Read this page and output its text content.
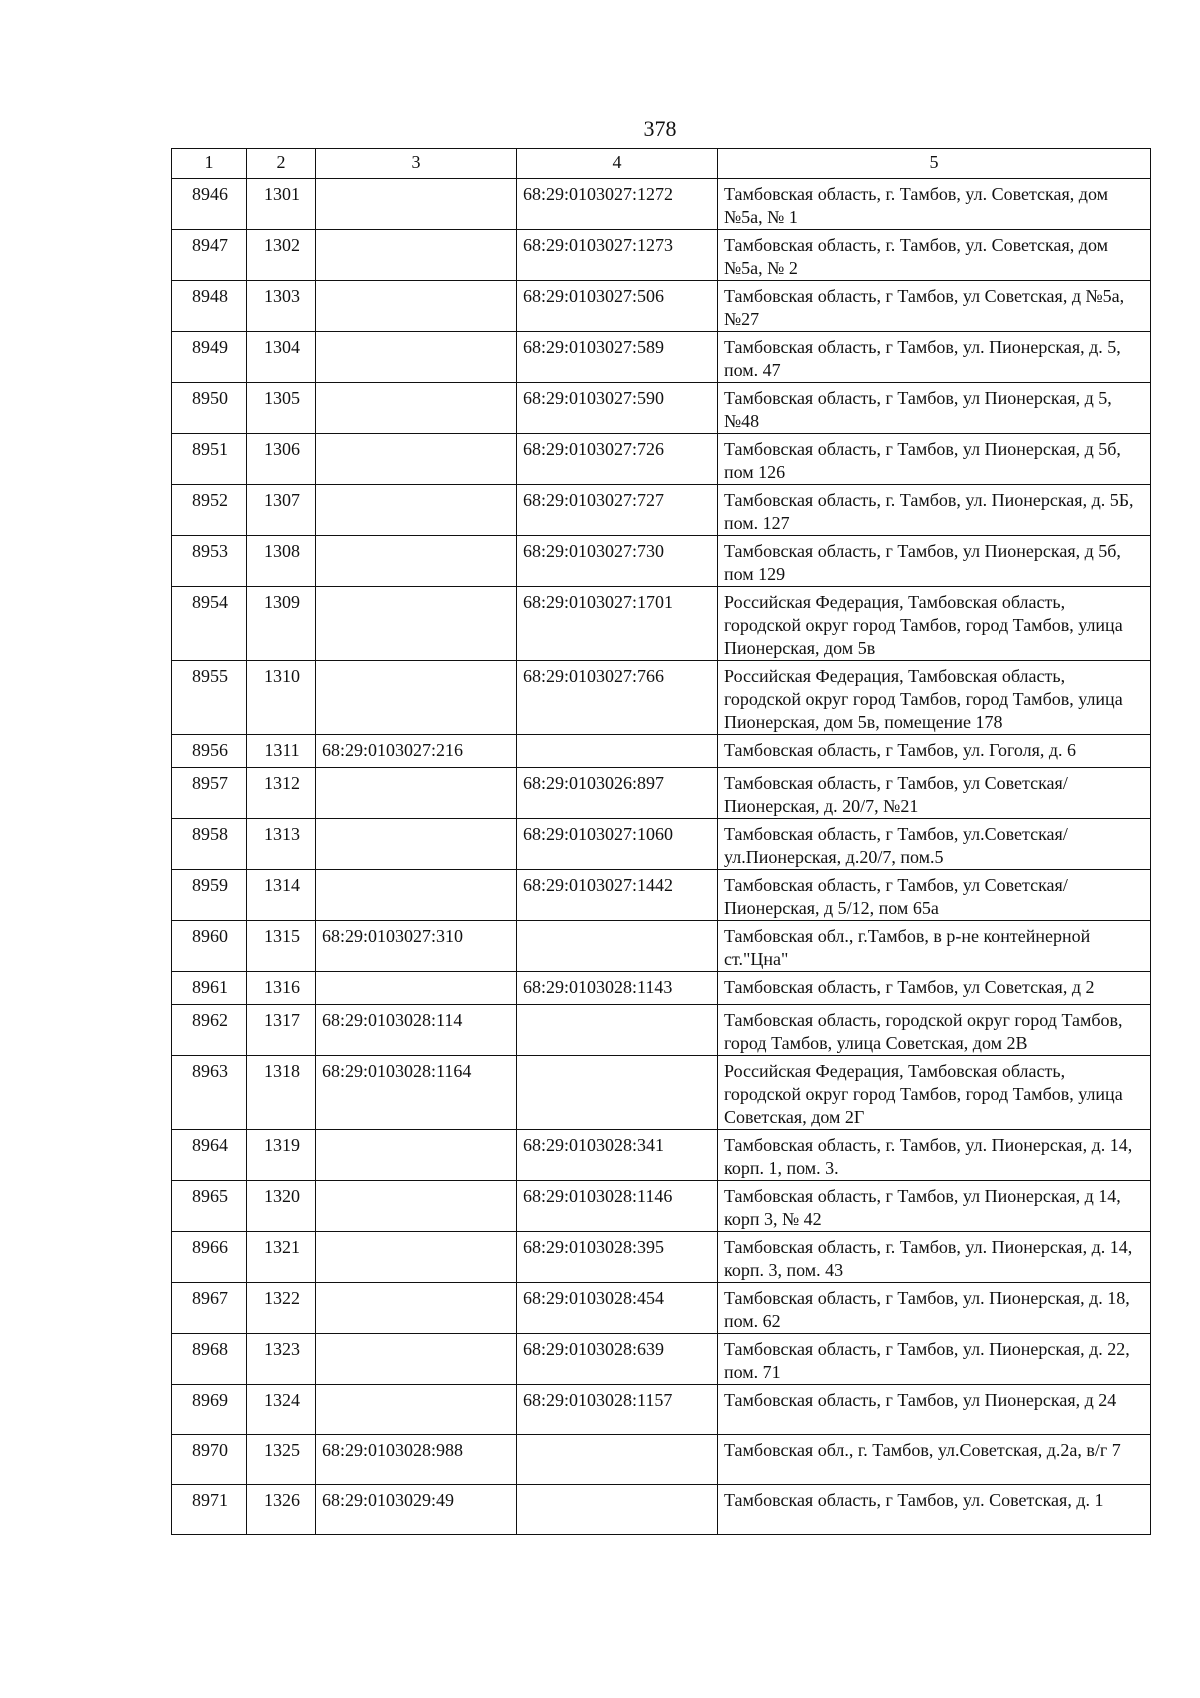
378
1	2	3	4	5
8946	1301		68:29:0103027:1272	Тамбовская область, г. Тамбов, ул. Советская, дом №5а, № 1
8947	1302		68:29:0103027:1273	Тамбовская область, г. Тамбов, ул. Советская, дом №5а, № 2
8948	1303		68:29:0103027:506	Тамбовская область, г Тамбов, ул Советская, д №5а, №27
8949	1304		68:29:0103027:589	Тамбовская область, г Тамбов, ул. Пионерская, д. 5, пом. 47
8950	1305		68:29:0103027:590	Тамбовская область, г Тамбов, ул Пионерская, д 5, №48
8951	1306		68:29:0103027:726	Тамбовская область, г Тамбов, ул Пионерская, д 5б, пом 126
8952	1307		68:29:0103027:727	Тамбовская область, г. Тамбов, ул. Пионерская, д. 5Б, пом. 127
8953	1308		68:29:0103027:730	Тамбовская область, г Тамбов, ул Пионерская, д 5б, пом 129
8954	1309		68:29:0103027:1701	Российская Федерация, Тамбовская область, городской округ город Тамбов, город Тамбов, улица Пионерская, дом 5в
8955	1310		68:29:0103027:766	Российская Федерация, Тамбовская область, городской округ город Тамбов, город Тамбов, улица Пионерская, дом 5в, помещение 178
8956	1311	68:29:0103027:216		Тамбовская область, г Тамбов, ул. Гоголя, д. 6
8957	1312		68:29:0103026:897	Тамбовская область, г Тамбов, ул Советская/Пионерская, д. 20/7, №21
8958	1313		68:29:0103027:1060	Тамбовская область, г Тамбов, ул.Советская/ул.Пионерская, д.20/7, пом.5
8959	1314		68:29:0103027:1442	Тамбовская область, г Тамбов, ул Советская/Пионерская, д 5/12, пом 65а
8960	1315	68:29:0103027:310		Тамбовская обл., г.Тамбов, в р-не контейнерной ст."Цна"
8961	1316		68:29:0103028:1143	Тамбовская область, г Тамбов, ул Советская, д 2
8962	1317	68:29:0103028:114		Тамбовская область, городской округ город Тамбов, город Тамбов, улица Советская, дом 2В
8963	1318	68:29:0103028:1164		Российская Федерация, Тамбовская область, городской округ город Тамбов, город Тамбов, улица Советская, дом 2Г
8964	1319		68:29:0103028:341	Тамбовская область, г. Тамбов, ул. Пионерская, д. 14, корп. 1, пом. 3.
8965	1320		68:29:0103028:1146	Тамбовская область, г Тамбов, ул Пионерская, д 14, корп 3, № 42
8966	1321		68:29:0103028:395	Тамбовская область, г. Тамбов, ул. Пионерская, д. 14, корп. 3, пом. 43
8967	1322		68:29:0103028:454	Тамбовская область, г Тамбов, ул. Пионерская, д. 18, пом. 62
8968	1323		68:29:0103028:639	Тамбовская область, г Тамбов, ул. Пионерская, д. 22, пом. 71
8969	1324		68:29:0103028:1157	Тамбовская область, г Тамбов, ул Пионерская, д 24
8970	1325	68:29:0103028:988		Тамбовская обл., г. Тамбов, ул.Советская, д.2а, в/г 7
8971	1326	68:29:0103029:49		Тамбовская область, г Тамбов, ул. Советская, д. 1
